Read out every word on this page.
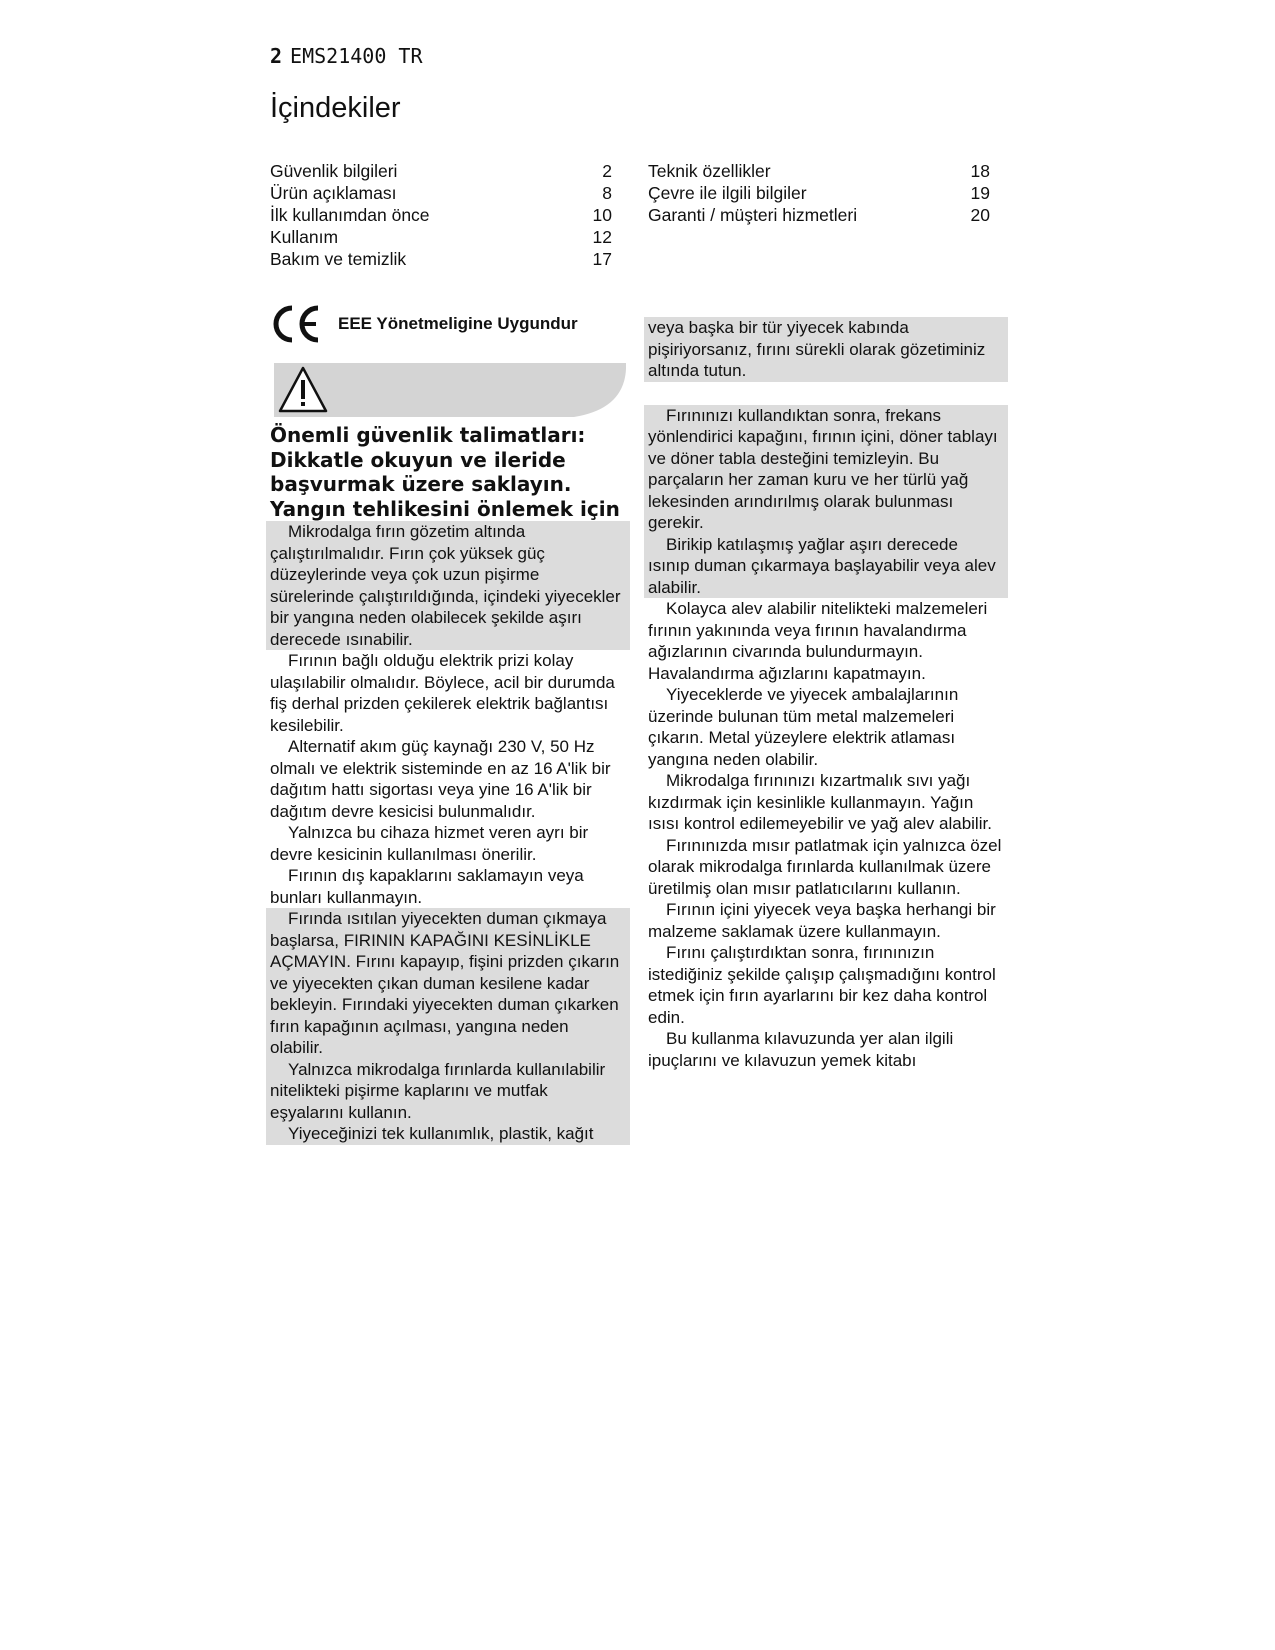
2 EMS21400 TR
İçindekiler
Güvenlik bilgileri	2
Ürün açıklaması	8
İlk kullanımdan önce	10
Kullanım	12
Bakım ve temizlik	17
Teknik özellikler	18
Çevre ile ilgili bilgiler	19
Garanti / müşteri hizmetleri	20
EEE Yönetmeligine Uygundur
Önemli güvenlik talimatları: Dikkatle okuyun ve ileride başvurmak üzere saklayın.
Yangın tehlikesini önlemek için

Mikrodalga fırın gözetim altında çalıştırılmalıdır. Fırın çok yüksek güç düzeylerinde veya çok uzun pişirme sürelerinde çalıştırıldığında, içindeki yiyecekler bir yangına neden olabilecek şekilde aşırı derecede ısınabilir.

Fırının bağlı olduğu elektrik prizi kolay ulaşılabilir olmalıdır. Böylece, acil bir durumda fiş derhal prizden çekilerek elektrik bağlantısı kesilebilir.

Alternatif akım güç kaynağı 230 V, 50 Hz olmalı ve elektrik sisteminde en az 16 A'lik bir dağıtım hattı sigortası veya yine 16 A'lik bir dağıtım devre kesicisi bulunmalıdır.

Yalnızca bu cihaza hizmet veren ayrı bir devre kesicinin kullanılması önerilir.

Fırının dış kapaklarını saklamayın veya bunları kullanmayın.

Fırında ısıtılan yiyecekten duman çıkmaya başlarsa, FIRININ KAPAĞINI KESİNLİKLE AÇMAYIN. Fırını kapayıp, fişini prizden çıkarın ve yiyecekten çıkan duman kesilene kadar bekleyin. Fırındaki yiyecekten duman çıkarken fırın kapağının açılması, yangına neden olabilir.

Yalnızca mikrodalga fırınlarda kullanılabilir nitelikteki pişirme kaplarını ve mutfak eşyalarını kullanın.

Yiyeceğinizi tek kullanımlık, plastik, kağıt

veya başka bir tür yiyecek kabında pişiriyorsanız, fırını sürekli olarak gözetiminiz altında tutun.

Fırınınızı kullandıktan sonra, frekans yönlendirici kapağını, fırının içini, döner tablayı ve döner tabla desteğini temizleyin. Bu parçaların her zaman kuru ve her türlü yağ lekesinden arındırılmış olarak bulunması gerekir.

Birikip katılaşmış yağlar aşırı derecede ısınıp duman çıkarmaya başlayabilir veya alev alabilir.

Kolayca alev alabilir nitelikteki malzemeleri fırının yakınında veya fırının havalandırma ağızlarının civarında bulundurmayın. Havalandırma ağızlarını kapatmayın.

Yiyeceklerde ve yiyecek ambalajlarının üzerinde bulunan tüm metal malzemeleri çıkarın. Metal yüzeylere elektrik atlaması yangına neden olabilir.

Mikrodalga fırınınızı kızartmalık sıvı yağı kızdırmak için kesinlikle kullanmayın. Yağın ısısı kontrol edilemeyebilir ve yağ alev alabilir.

Fırınınızda mısır patlatmak için yalnızca özel olarak mikrodalga fırınlarda kullanılmak üzere üretilmiş olan mısır patlatıcılarını kullanın.

Fırının içini yiyecek veya başka herhangi bir malzeme saklamak üzere kullanmayın.

Fırını çalıştırdıktan sonra, fırınınızın istediğiniz şekilde çalışıp çalışmadığını kontrol etmek için fırın ayarlarını bir kez daha kontrol edin.

Bu kullanma kılavuzunda yer alan ilgili ipuçlarını ve kılavuzun yemek kitabı
